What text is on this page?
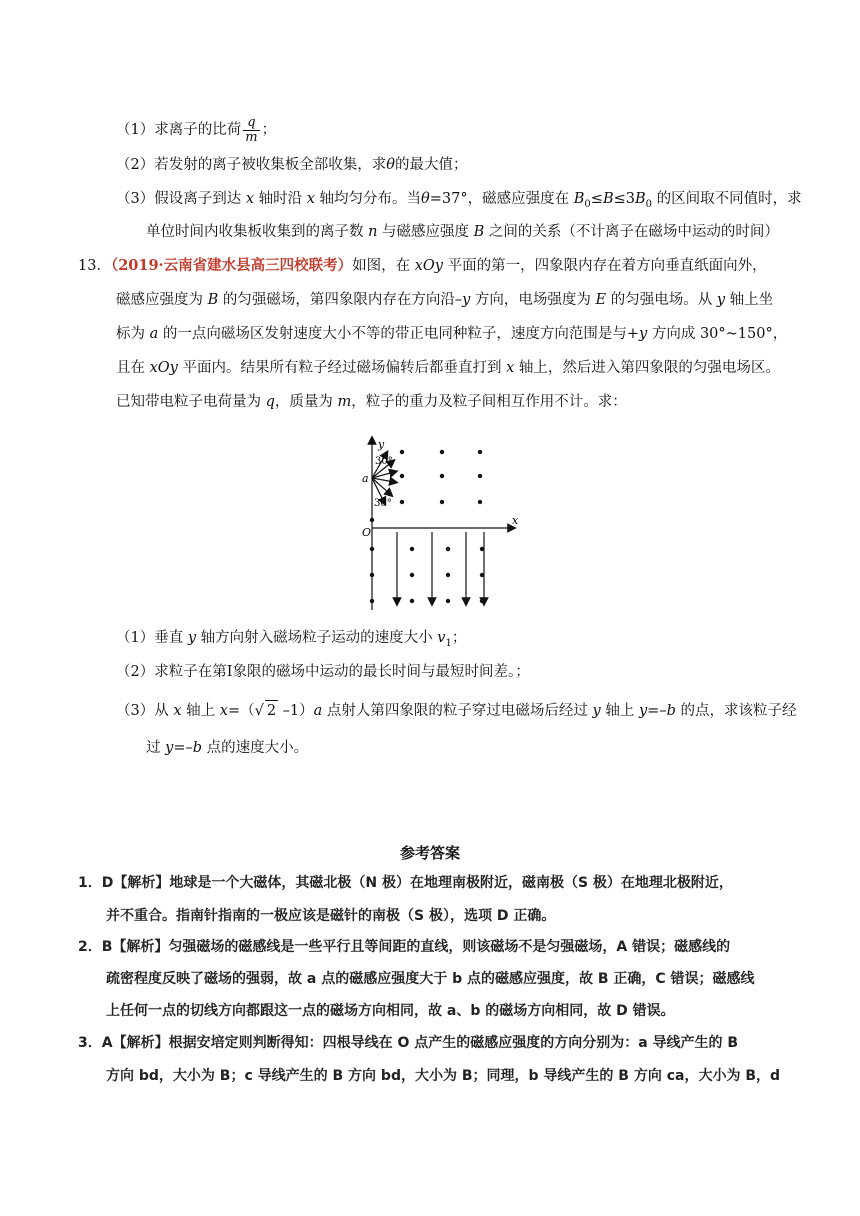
（1）求离子的比荷 $\frac{q}{m}$ ；
（2）若发射的离子被收集板全部收集，求θ的最大值；
（3）假设离子到达 x 轴时沿 x 轴均匀分布。当θ=37°，磁感应强度在 $B_0\le B\le 3B_0$ 的区间取不同值时，求
单位时间内收集板收集到的离子数 n 与磁感应强度 B 之间的关系（不计离子在磁场中运动的时间）
13．（2019·云南省建水县高三四校联考）如图，在 xOy 平面的第一，四象限内存在着方向垂直纸面向外，
磁感应强度为 B 的匀强磁场，第四象限内存在方向沿–y 方向，电场强度为 E 的匀强电场。从 y 轴上坐
标为 a 的一点向磁场区发射速度大小不等的带正电同种粒子，速度方向范围是与+y 方向成 30°~150°，
且在 xOy 平面内。结果所有粒子经过磁场偏转后都垂直打到 x 轴上，然后进入第四象限的匀强电场区。
已知带电粒子电荷量为 q，质量为 m，粒子的重力及粒子间相互作用不计。求：
y
x
O
a
30°
30°
（1）垂直 y 轴方向射入磁场粒子运动的速度大小 $v_1$；
（2）求粒子在第Ⅰ象限的磁场中运动的最长时间与最短时间差。；
（3）从 x 轴上 x=（√ 2 –1）a 点射人第四象限的粒子穿过电磁场后经过 y 轴上 y=–b 的点，求该粒子经
过 y=–b 点的速度大小。
参考答案
1．D【解析】地球是一个大磁体，其磁北极（N 极）在地理南极附近，磁南极（S 极）在地理北极附近，
并不重合。指南针指南的一极应该是磁针的南极（S 极），选项 D 正确。
2．B【解析】匀强磁场的磁感线是一些平行且等间距的直线，则该磁场不是匀强磁场，A 错误；磁感线的
疏密程度反映了磁场的强弱，故 a 点的磁感应强度大于 b 点的磁感应强度，故 B 正确，C 错误；磁感线
上任何一点的切线方向都跟这一点的磁场方向相同，故 a、b 的磁场方向相同，故 D 错误。
3．A【解析】根据安培定则判断得知：四根导线在 O 点产生的磁感应强度的方向分别为：a 导线产生的 B
方向 bd，大小为 B；c 导线产生的 B 方向 bd，大小为 B；同理，b 导线产生的 B 方向 ca，大小为 B，d
